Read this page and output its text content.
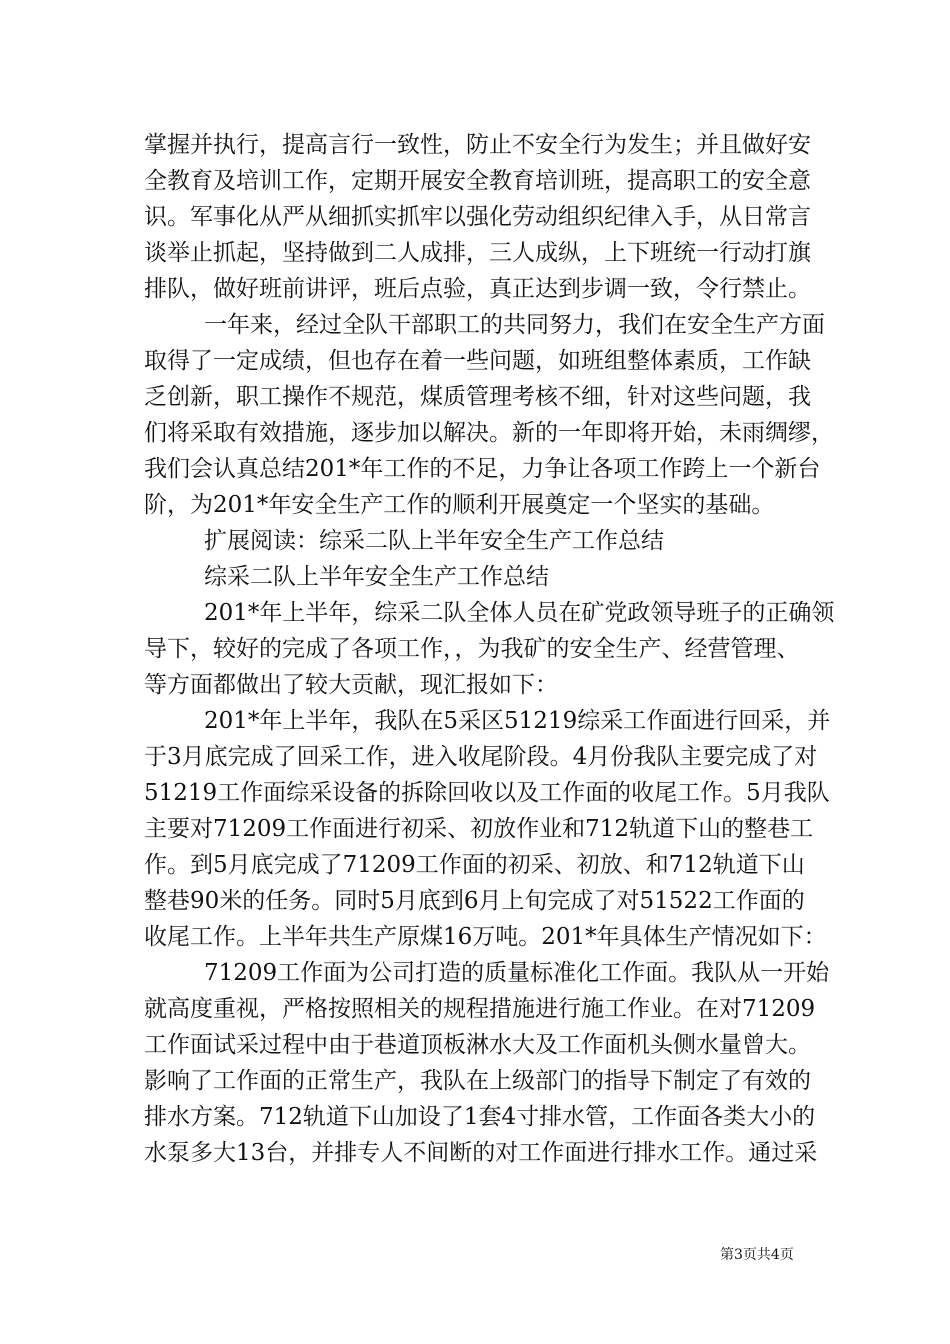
掌握并执行，提高言行一致性，防止不安全行为发生；并且做好安
全教育及培训工作，定期开展安全教育培训班，提高职工的安全意
识。军事化从严从细抓实抓牢以强化劳动组织纪律入手，从日常言
谈举止抓起，坚持做到二人成排，三人成纵，上下班统一行动打旗
排队，做好班前讲评，班后点验，真正达到步调一致，令行禁止。
一年来，经过全队干部职工的共同努力，我们在安全生产方面
取得了一定成绩，但也存在着一些问题，如班组整体素质，工作缺
乏创新，职工操作不规范，煤质管理考核不细，针对这些问题，我
们将采取有效措施，逐步加以解决。新的一年即将开始，未雨绸缪，
我们会认真总结201*年工作的不足，力争让各项工作跨上一个新台
阶，为201*年安全生产工作的顺利开展奠定一个坚实的基础。
扩展阅读：综采二队上半年安全生产工作总结
综采二队上半年安全生产工作总结
201*年上半年，综采二队全体人员在矿党政领导班子的正确领
导下，较好的完成了各项工作，，为我矿的安全生产、经营管理、
等方面都做出了较大贡献，现汇报如下：
201*年上半年，我队在5采区51219综采工作面进行回采，并
于3月底完成了回采工作，进入收尾阶段。4月份我队主要完成了对
51219工作面综采设备的拆除回收以及工作面的收尾工作。5月我队
主要对71209工作面进行初采、初放作业和712轨道下山的整巷工
作。到5月底完成了71209工作面的初采、初放、和712轨道下山
整巷90米的任务。同时5月底到6月上旬完成了对51522工作面的
收尾工作。上半年共生产原煤16万吨。201*年具体生产情况如下：
71209工作面为公司打造的质量标准化工作面。我队从一开始
就高度重视，严格按照相关的规程措施进行施工作业。在对71209
工作面试采过程中由于巷道顶板淋水大及工作面机头侧水量曾大。
影响了工作面的正常生产，我队在上级部门的指导下制定了有效的
排水方案。712轨道下山加设了1套4寸排水管，工作面各类大小的
水泵多大13台，并排专人不间断的对工作面进行排水工作。通过采
第3页共4页
